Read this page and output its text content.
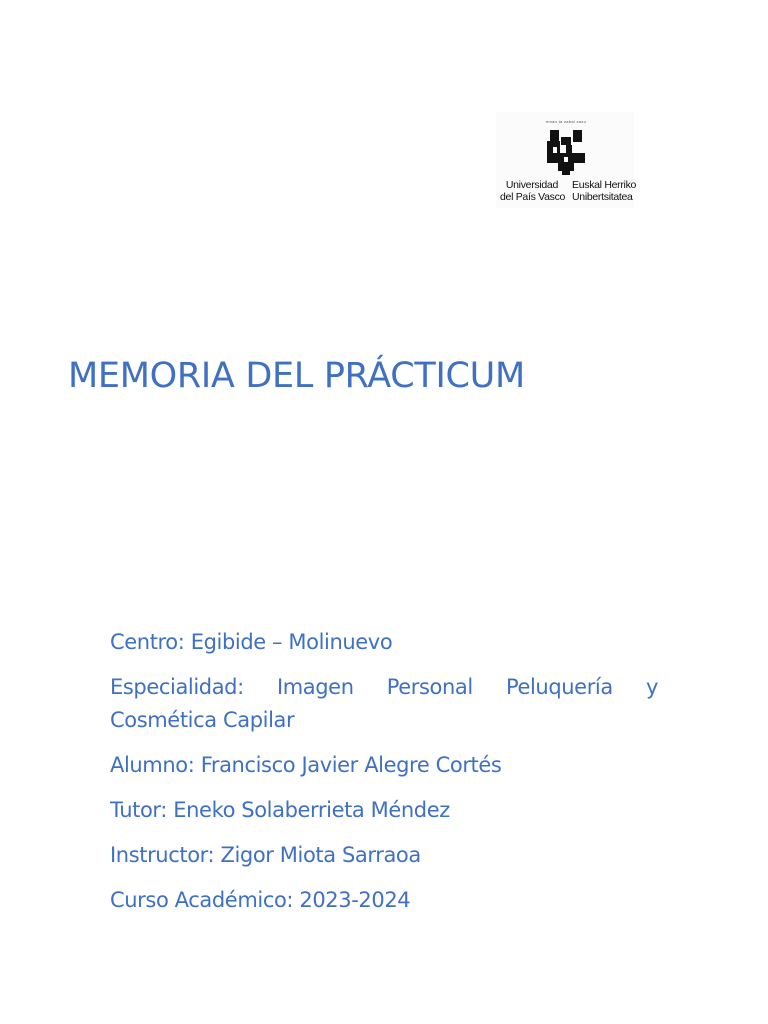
eman ta zabal zazu
Universidad
del País Vasco
Euskal Herriko
Unibertsitatea
MEMORIA DEL PRÁCTICUM

Centro: Egibide – Molinuevo

Especialidad: Imagen Personal Peluquería y Cosmética Capilar

Alumno: Francisco Javier Alegre Cortés

Tutor: Eneko Solaberrieta Méndez

Instructor: Zigor Miota Sarraoa

Curso Académico: 2023-2024
